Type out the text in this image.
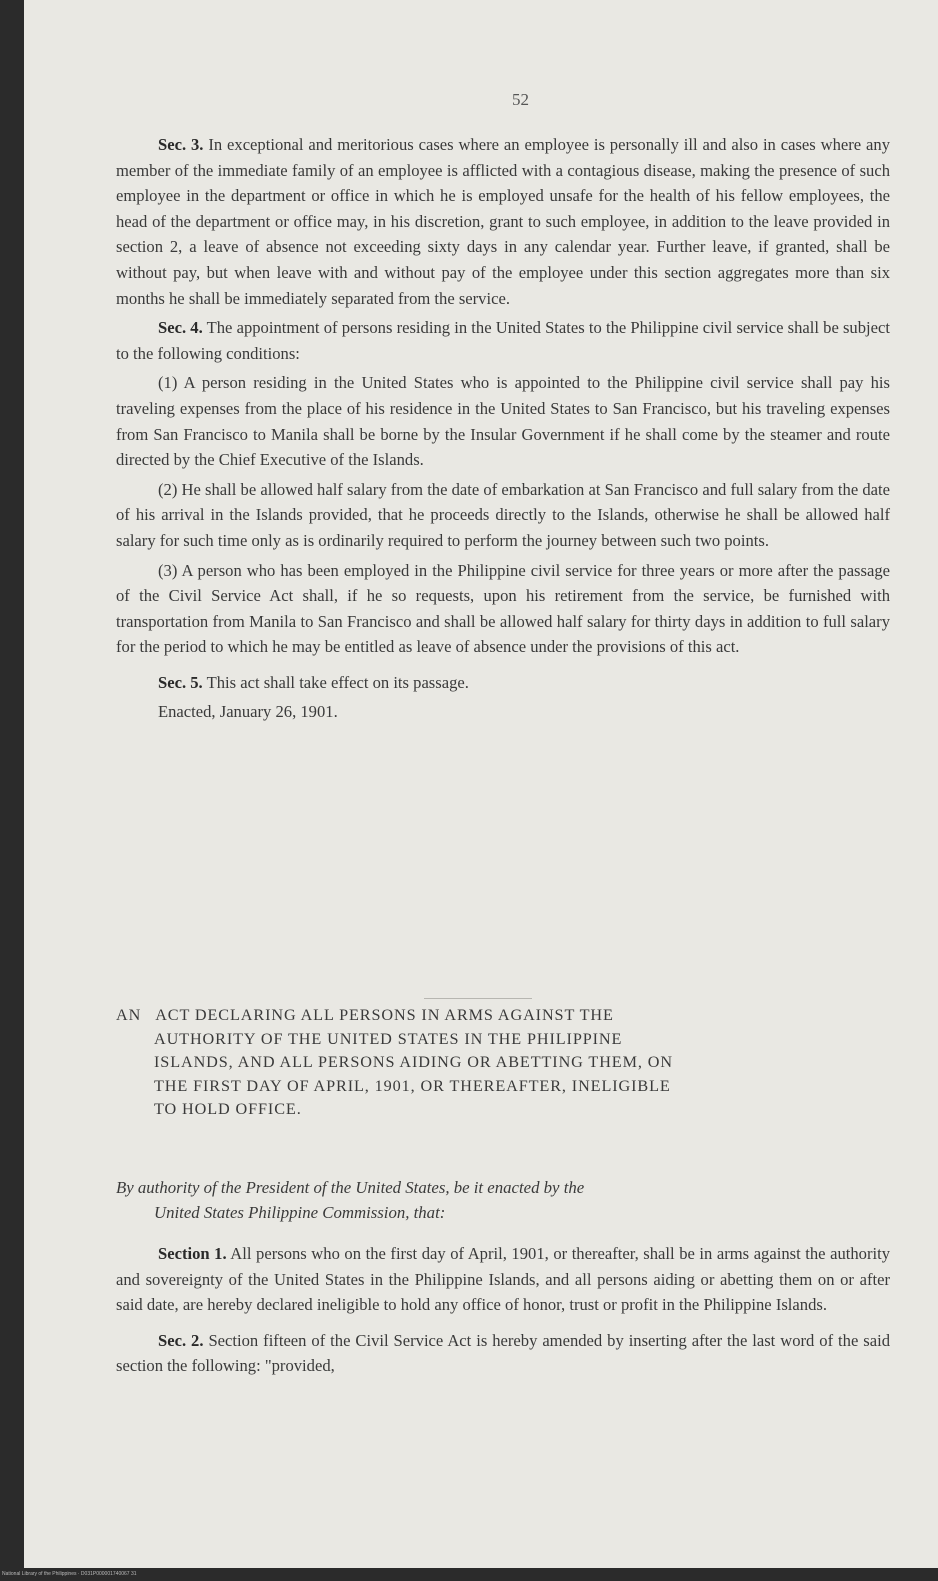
52

Sec. 3. In exceptional and meritorious cases where an employee is personally ill and also in cases where any member of the immediate family of an employee is afflicted with a contagious disease, making the presence of such employee in the department or office in which he is employed unsafe for the health of his fellow employees, the head of the department or office may, in his discretion, grant to such employee, in addition to the leave provided in section 2, a leave of absence not exceeding sixty days in any calendar year. Further leave, if granted, shall be without pay, but when leave with and without pay of the employee under this section aggregates more than six months he shall be immediately separated from the service.

Sec. 4. The appointment of persons residing in the United States to the Philippine civil service shall be subject to the following conditions:

(1) A person residing in the United States who is appointed to the Philippine civil service shall pay his traveling expenses from the place of his residence in the United States to San Francisco, but his traveling expenses from San Francisco to Manila shall be borne by the Insular Government if he shall come by the steamer and route directed by the Chief Executive of the Islands.

(2) He shall be allowed half salary from the date of embarkation at San Francisco and full salary from the date of his arrival in the Islands provided, that he proceeds directly to the Islands, otherwise he shall be allowed half salary for such time only as is ordinarily required to perform the journey between such two points.

(3) A person who has been employed in the Philippine civil service for three years or more after the passage of the Civil Service Act shall, if he so requests, upon his retirement from the service, be furnished with transportation from Manila to San Francisco and shall be allowed half salary for thirty days in addition to full salary for the period to which he may be entitled as leave of absence under the provisions of this act.

Sec. 5. This act shall take effect on its passage.

Enacted, January 26, 1901.

AN ACT DECLARING ALL PERSONS IN ARMS AGAINST THE
AUTHORITY OF THE UNITED STATES IN THE PHILIPPINE
ISLANDS, AND ALL PERSONS AIDING OR ABETTING THEM, ON
THE FIRST DAY OF APRIL, 1901, OR THEREAFTER, INELIGIBLE
TO HOLD OFFICE.
By authority of the President of the United States, be it enacted by the
United States Philippine Commission, that:

Section 1. All persons who on the first day of April, 1901, or thereafter, shall be in arms against the authority and sovereignty of the United States in the Philippine Islands, and all persons aiding or abetting them on or after said date, are hereby declared ineligible to hold any office of honor, trust or profit in the Philippine Islands.

Sec. 2. Section fifteen of the Civil Service Act is hereby amended by inserting after the last word of the said section the following: "provided,

National Library of the Philippines · D031P000001740067 31
